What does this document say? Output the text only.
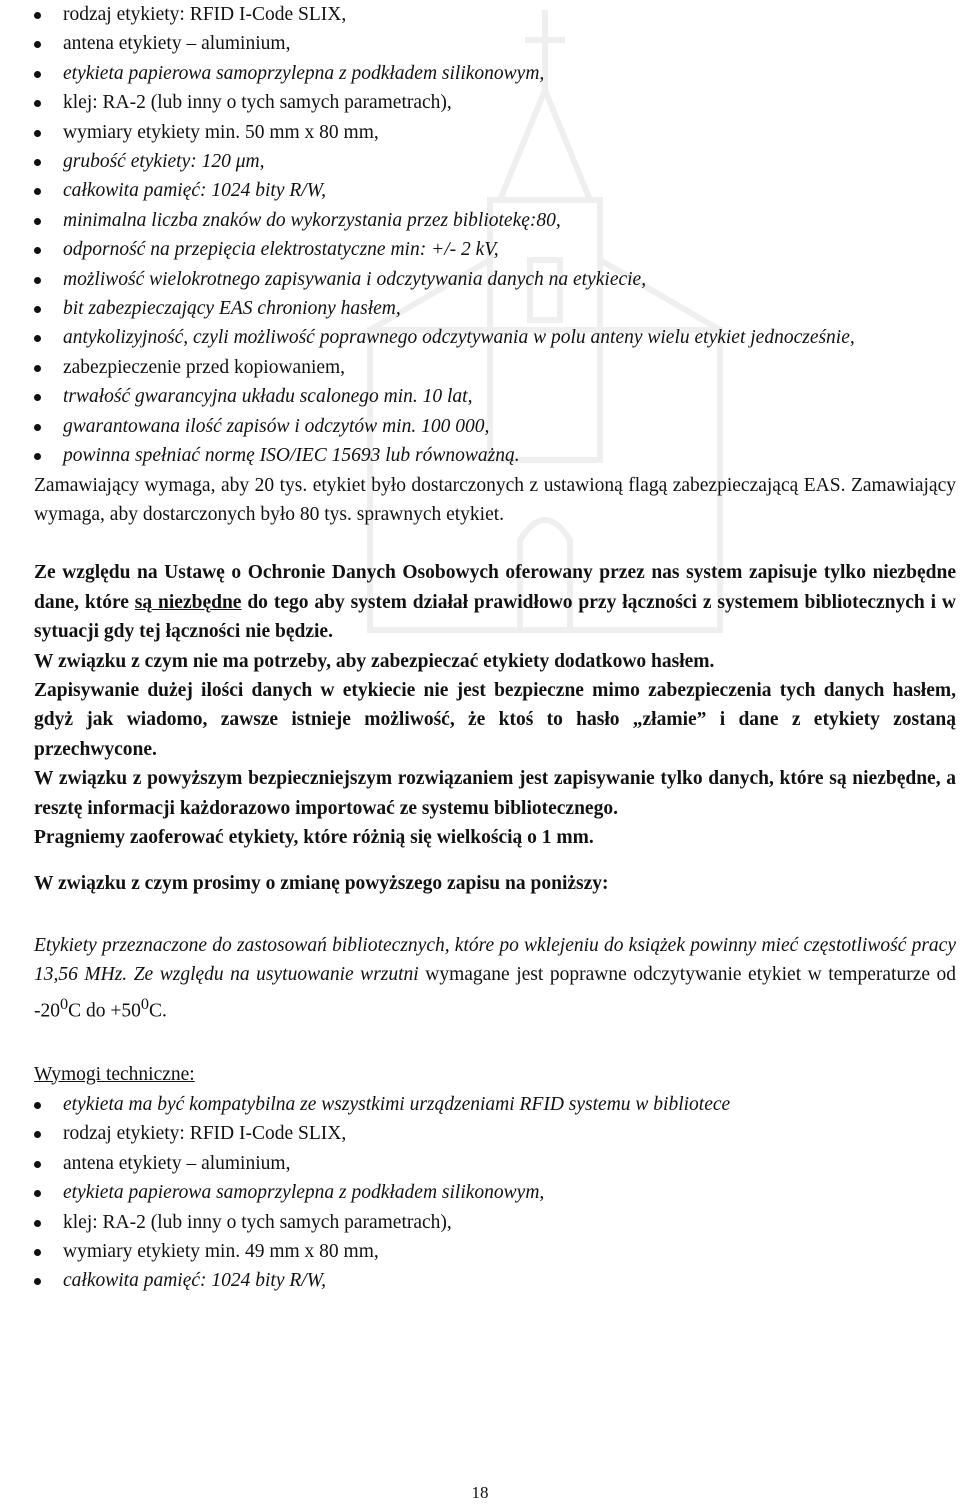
rodzaj etykiety: RFID I-Code SLIX,
antena etykiety – aluminium,
etykieta papierowa samoprzylepna z podkładem silikonowym,
klej: RA-2 (lub inny o tych samych parametrach),
wymiary etykiety min. 50 mm x 80 mm,
grubość etykiety: 120 μm,
całkowita pamięć: 1024 bity R/W,
minimalna liczba znaków do wykorzystania przez bibliotekę:80,
odporność na przepięcia elektrostatyczne min: +/- 2 kV,
możliwość wielokrotnego zapisywania i odczytywania danych na etykiecie,
bit zabezpieczający EAS chroniony hasłem,
antykolizyjność, czyli możliwość poprawnego odczytywania w polu anteny wielu etykiet jednocześnie,
zabezpieczenie przed kopiowaniem,
trwałość gwarancyjna układu scalonego min. 10 lat,
gwarantowana ilość zapisów i odczytów min. 100 000,
powinna spełniać normę ISO/IEC 15693 lub równoważną.

Zamawiający wymaga, aby 20 tys. etykiet było dostarczonych z ustawioną flagą zabezpieczającą EAS. Zamawiający wymaga, aby dostarczonych było 80 tys. sprawnych etykiet.

Ze względu na Ustawę o Ochronie Danych Osobowych oferowany przez nas system zapisuje tylko niezbędne dane, które są niezbędne do tego aby system działał prawidłowo przy łączności z systemem bibliotecznych i w sytuacji gdy tej łączności nie będzie.

W związku z czym nie ma potrzeby, aby zabezpieczać etykiety dodatkowo hasłem.

Zapisywanie dużej ilości danych w etykiecie nie jest bezpieczne mimo zabezpieczenia tych danych hasłem, gdyż jak wiadomo, zawsze istnieje możliwość, że ktoś to hasło „złamie” i dane z etykiety zostaną przechwycone.

W związku z powyższym bezpieczniejszym rozwiązaniem jest zapisywanie tylko danych, które są niezbędne, a resztę informacji każdorazowo importować ze systemu bibliotecznego.

Pragniemy zaoferować etykiety, które różnią się wielkością o 1 mm.

W związku z czym prosimy o zmianę powyższego zapisu na poniższy:

Etykiety przeznaczone do zastosowań bibliotecznych, które po wklejeniu do książek powinny mieć częstotliwość pracy 13,56 MHz. Ze względu na usytuowanie wrzutni wymagane jest poprawne odczytywanie etykiet w temperaturze od $-20^0C$ do $+50^0C$.

Wymogi techniczne:

etykieta ma być kompatybilna ze wszystkimi urządzeniami RFID systemu w bibliotece
rodzaj etykiety: RFID I-Code SLIX,
antena etykiety – aluminium,
etykieta papierowa samoprzylepna z podkładem silikonowym,
klej: RA-2 (lub inny o tych samych parametrach),
wymiary etykiety min. 49 mm x 80 mm,
całkowita pamięć: 1024 bity R/W,
18
